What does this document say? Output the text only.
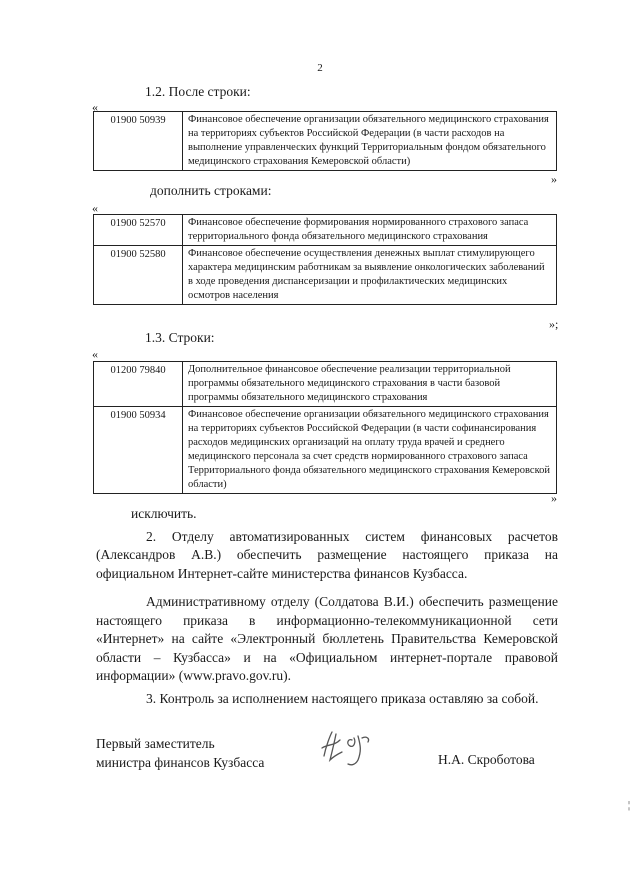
2
1.2. После строки:
«
01900 50939	Финансовое обеспечение организации обязательного медицинского страхования на территориях субъектов Российской Федерации (в части расходов на выполнение управленческих функций Территориальным фондом обязательного медицинского страхования Кемеровской области)
»
дополнить строками:
«
01900 52570	Финансовое обеспечение формирования нормированного страхового запаса территориального фонда обязательного медицинского страхования
01900 52580	Финансовое обеспечение осуществления денежных выплат стимулирующего характера медицинским работникам за выявление онкологических заболеваний в ходе проведения диспансеризации и профилактических медицинских осмотров населения
»;
1.3. Строки:
«
01200 79840	Дополнительное финансовое обеспечение реализации территориальной программы обязательного медицинского страхования в части базовой программы обязательного медицинского страхования
01900 50934	Финансовое обеспечение организации обязательного медицинского страхования на территориях субъектов Российской Федерации (в части софинансирования расходов медицинских организаций на оплату труда врачей и среднего медицинского персонала за счет средств нормированного страхового запаса Территориального фонда обязательного медицинского страхования Кемеровской области)
»

исключить.

2. Отделу автоматизированных систем финансовых расчетов (Александров А.В.) обеспечить размещение настоящего приказа на официальном Интернет-сайте министерства финансов Кузбасса.

Административному отделу (Солдатова В.И.) обеспечить размещение настоящего приказа в информационно-телекоммуникационной сети «Интернет» на сайте «Электронный бюллетень Правительства Кемеровской области – Кузбасса» и на «Официальном интернет-портале правовой информации» (www.pravo.gov.ru).

3. Контроль за исполнением настоящего приказа оставляю за собой.

Первый заместитель
министра финансов Кузбасса	Н.А. Скроботова
¦
